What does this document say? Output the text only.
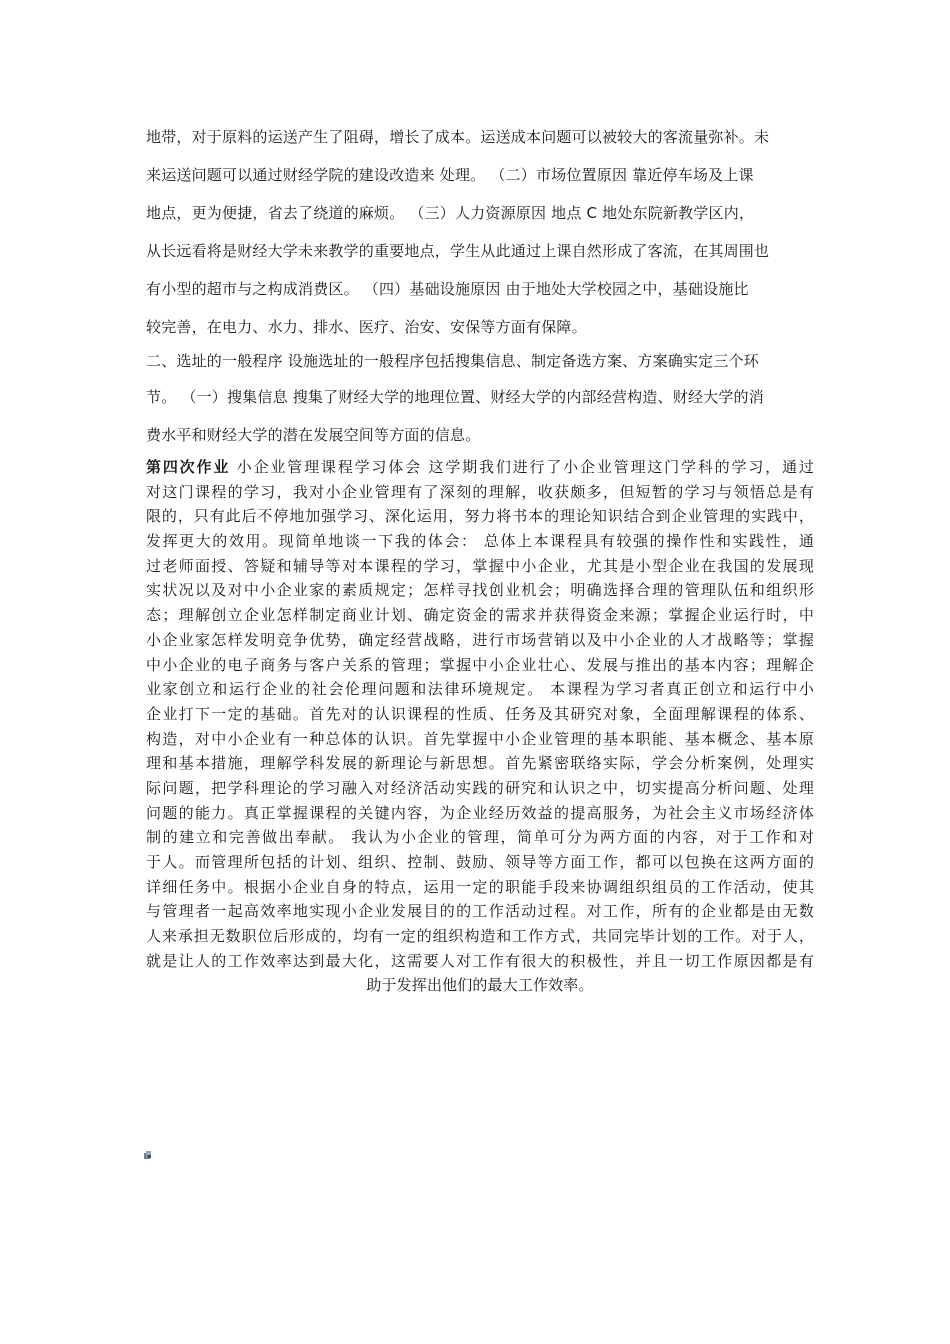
地带，对于原料的运送产生了阻碍，增长了成本。运送成本问题可以被较大的客流量弥补。未
来运送问题可以通过财经学院的建设改造来 处理。 （二）市场位置原因 靠近停车场及上课
地点，更为便捷，省去了绕道的麻烦。 （三）人力资源原因 地点 C 地处东院新教学区内，
从长远看将是财经大学未来教学的重要地点，学生从此通过上课自然形成了客流，在其周围也
有小型的超市与之构成消费区。 （四）基础设施原因 由于地处大学校园之中，基础设施比
较完善，在电力、水力、排水、医疗、治安、安保等方面有保障。
二、选址的一般程序 设施选址的一般程序包括搜集信息、制定备选方案、方案确实定三个环
节。 （一）搜集信息 搜集了财经大学的地理位置、财经大学的内部经营构造、财经大学的消
费水平和财经大学的潜在发展空间等方面的信息。
第四次作业 小企业管理课程学习体会 这学期我们进行了小企业管理这门学科的学习，通过
对这门课程的学习，我对小企业管理有了深刻的理解，收获颇多，但短暂的学习与领悟总是有
限的，只有此后不停地加强学习、深化运用，努力将书本的理论知识结合到企业管理的实践中，
发挥更大的效用。现简单地谈一下我的体会： 总体上本课程具有较强的操作性和实践性，通
过老师面授、答疑和辅导等对本课程的学习，掌握中小企业，尤其是小型企业在我国的发展现
实状况以及对中小企业家的素质规定；怎样寻找创业机会；明确选择合理的管理队伍和组织形
态；理解创立企业怎样制定商业计划、确定资金的需求并获得资金来源；掌握企业运行时，中
小企业家怎样发明竞争优势，确定经营战略，进行市场营销以及中小企业的人才战略等；掌握
中小企业的电子商务与客户关系的管理；掌握中小企业壮心、发展与推出的基本内容；理解企
业家创立和运行企业的社会伦理问题和法律环境规定。 本课程为学习者真正创立和运行中小
企业打下一定的基础。首先对的认识课程的性质、任务及其研究对象，全面理解课程的体系、
构造，对中小企业有一种总体的认识。首先掌握中小企业管理的基本职能、基本概念、基本原
理和基本措施，理解学科发展的新理论与新思想。首先紧密联络实际，学会分析案例，处理实
际问题，把学科理论的学习融入对经济活动实践的研究和认识之中，切实提高分析问题、处理
问题的能力。真正掌握课程的关键内容，为企业经历效益的提高服务，为社会主义市场经济体
制的建立和完善做出奉献。 我认为小企业的管理，简单可分为两方面的内容，对于工作和对
于人。而管理所包括的计划、组织、控制、鼓励、领导等方面工作，都可以包换在这两方面的
详细任务中。根据小企业自身的特点，运用一定的职能手段来协调组织组员的工作活动，使其
与管理者一起高效率地实现小企业发展目的的工作活动过程。对工作，所有的企业都是由无数
人来承担无数职位后形成的，均有一定的组织构造和工作方式，共同完毕计划的工作。对于人，
就是让人的工作效率达到最大化，这需要人对工作有很大的积极性，并且一切工作原因都是有
助于发挥出他们的最大工作效率。
